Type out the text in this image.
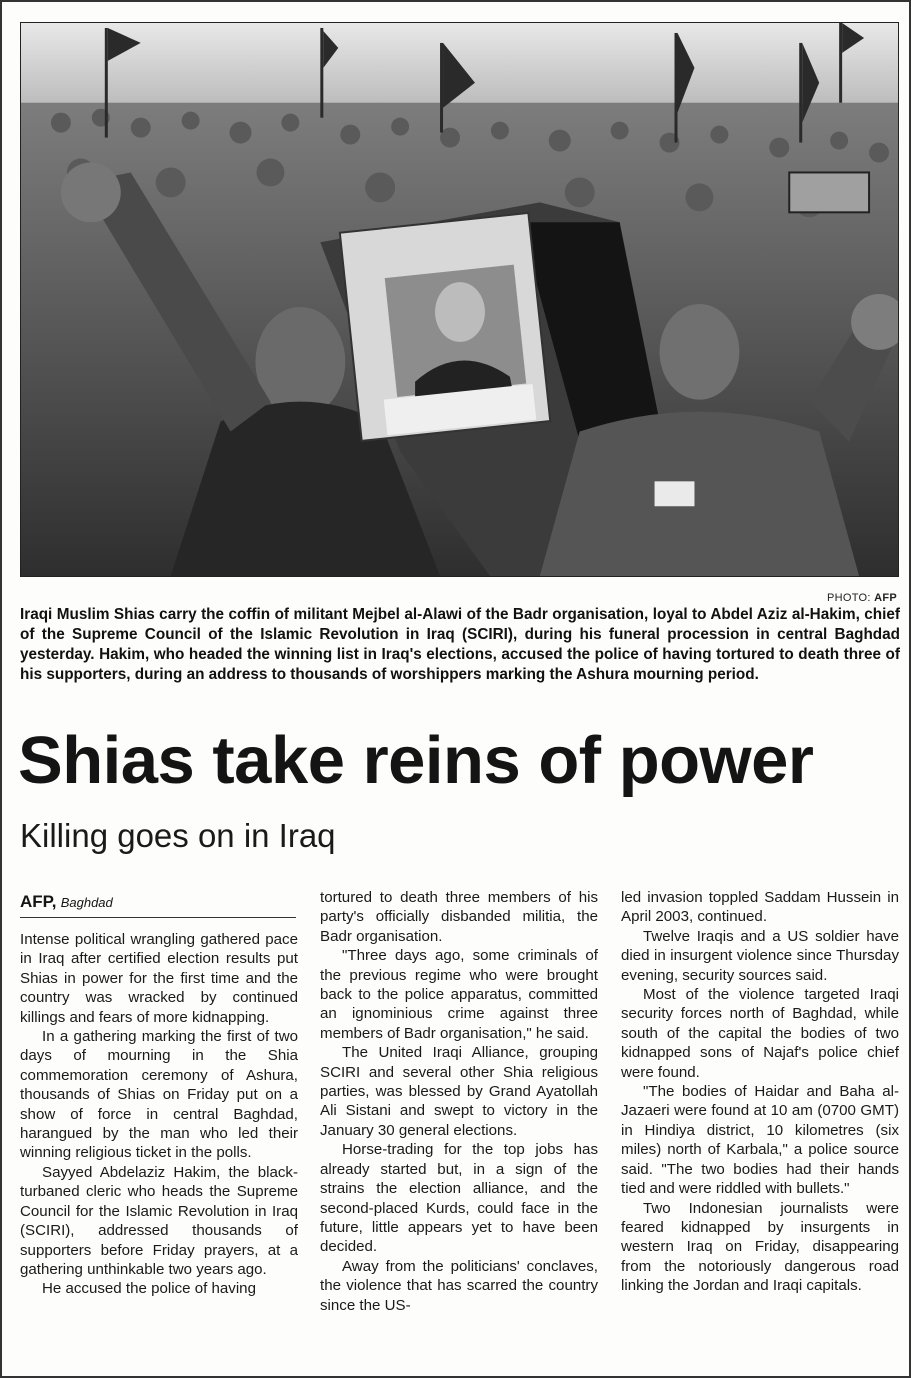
PHOTO: AFP
Iraqi Muslim Shias carry the coffin of militant Mejbel al-Alawi of the Badr organisation, loyal to Abdel Aziz al-Hakim, chief of the Supreme Council of the Islamic Revolution in Iraq (SCIRI), during his funeral procession in central Baghdad yesterday. Hakim, who headed the winning list in Iraq's elections, accused the police of having tortured to death three of his supporters, during an address to thousands of worshippers marking the Ashura mourning period.
Shias take reins of power
Killing goes on in Iraq
AFP, Baghdad

Intense political wrangling gathered pace in Iraq after certified election results put Shias in power for the first time and the country was wracked by continued killings and fears of more kidnapping.

In a gathering marking the first of two days of mourning in the Shia commemoration ceremony of Ashura, thousands of Shias on Friday put on a show of force in central Baghdad, harangued by the man who led their winning religious ticket in the polls.

Sayyed Abdelaziz Hakim, the black-turbaned cleric who heads the Supreme Council for the Islamic Revolution in Iraq (SCIRI), addressed thousands of supporters before Friday prayers, at a gathering unthinkable two years ago.

He accused the police of having

tortured to death three members of his party's officially disbanded militia, the Badr organisation.

"Three days ago, some criminals of the previous regime who were brought back to the police apparatus, committed an ignominious crime against three members of Badr organisation," he said.

The United Iraqi Alliance, grouping SCIRI and several other Shia religious parties, was blessed by Grand Ayatollah Ali Sistani and swept to victory in the January 30 general elections.

Horse-trading for the top jobs has already started but, in a sign of the strains the election alliance, and the second-placed Kurds, could face in the future, little appears yet to have been decided.

Away from the politicians' conclaves, the violence that has scarred the country since the US-

led invasion toppled Saddam Hussein in April 2003, continued.

Twelve Iraqis and a US soldier have died in insurgent violence since Thursday evening, security sources said.

Most of the violence targeted Iraqi security forces north of Baghdad, while south of the capital the bodies of two kidnapped sons of Najaf's police chief were found.

"The bodies of Haidar and Baha al-Jazaeri were found at 10 am (0700 GMT) in Hindiya district, 10 kilometres (six miles) north of Karbala," a police source said. "The two bodies had their hands tied and were riddled with bullets."

Two Indonesian journalists were feared kidnapped by insurgents in western Iraq on Friday, disappearing from the notoriously dangerous road linking the Jordan and Iraqi capitals.
